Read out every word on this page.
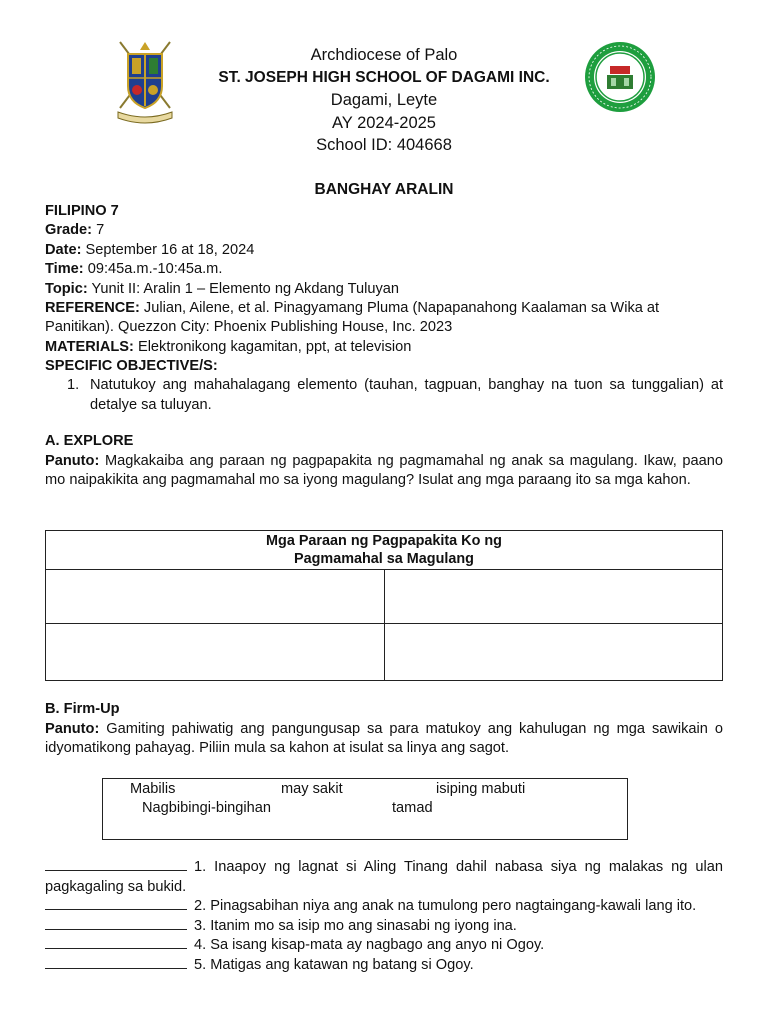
Archdiocese of Palo
ST. JOSEPH HIGH SCHOOL OF DAGAMI INC.
Dagami, Leyte
AY 2024-2025
School ID: 404668
BANGHAY ARALIN
FILIPINO 7
Grade: 7
Date: September 16 at 18, 2024
Time: 09:45a.m.-10:45a.m.
Topic: Yunit II: Aralin 1 – Elemento ng Akdang Tuluyan
REFERENCE: Julian, Ailene, et al. Pinagyamang Pluma (Napapanahong Kaalaman sa Wika at Panitikan). Quezzon City: Phoenix Publishing House, Inc. 2023
MATERIALS: Elektronikong kagamitan, ppt, at television
SPECIFIC OBJECTIVE/S:
1. Natutukoy ang mahahalagang elemento (tauhan, tagpuan, banghay na tuon sa tunggalian) at detalye sa tuluyan.
A. EXPLORE
Panuto: Magkakaiba ang paraan ng pagpapakita ng pagmamahal ng anak sa magulang. Ikaw, paano mo naipakikita ang pagmamahal mo sa iyong magulang? Isulat ang mga paraang ito sa mga kahon.
Mga Paraan ng Pagpapakita Ko ng
Pagmamahal sa Magulang	

B. Firm-Up
Panuto: Gamiting pahiwatig ang pangungusap sa para matukoy ang kahulugan ng mga sawikain o idyomatikong pahayag. Piliin mula sa kahon at isulat sa linya ang sagot.
Mabilis	may sakit	isiping mabuti
Nagbibingi-bingihan	tamad
1. Inaapoy ng lagnat si Aling Tinang dahil nabasa siya ng malakas ng ulan
pagkagaling sa bukid.
2. Pinagsabihan niya ang anak na tumulong pero nagtaingang-kawali lang ito.
3. Itanim mo sa isip mo ang sinasabi ng iyong ina.
4. Sa isang kisap-mata ay nagbago ang anyo ni Ogoy.
5. Matigas ang katawan ng batang si Ogoy.
